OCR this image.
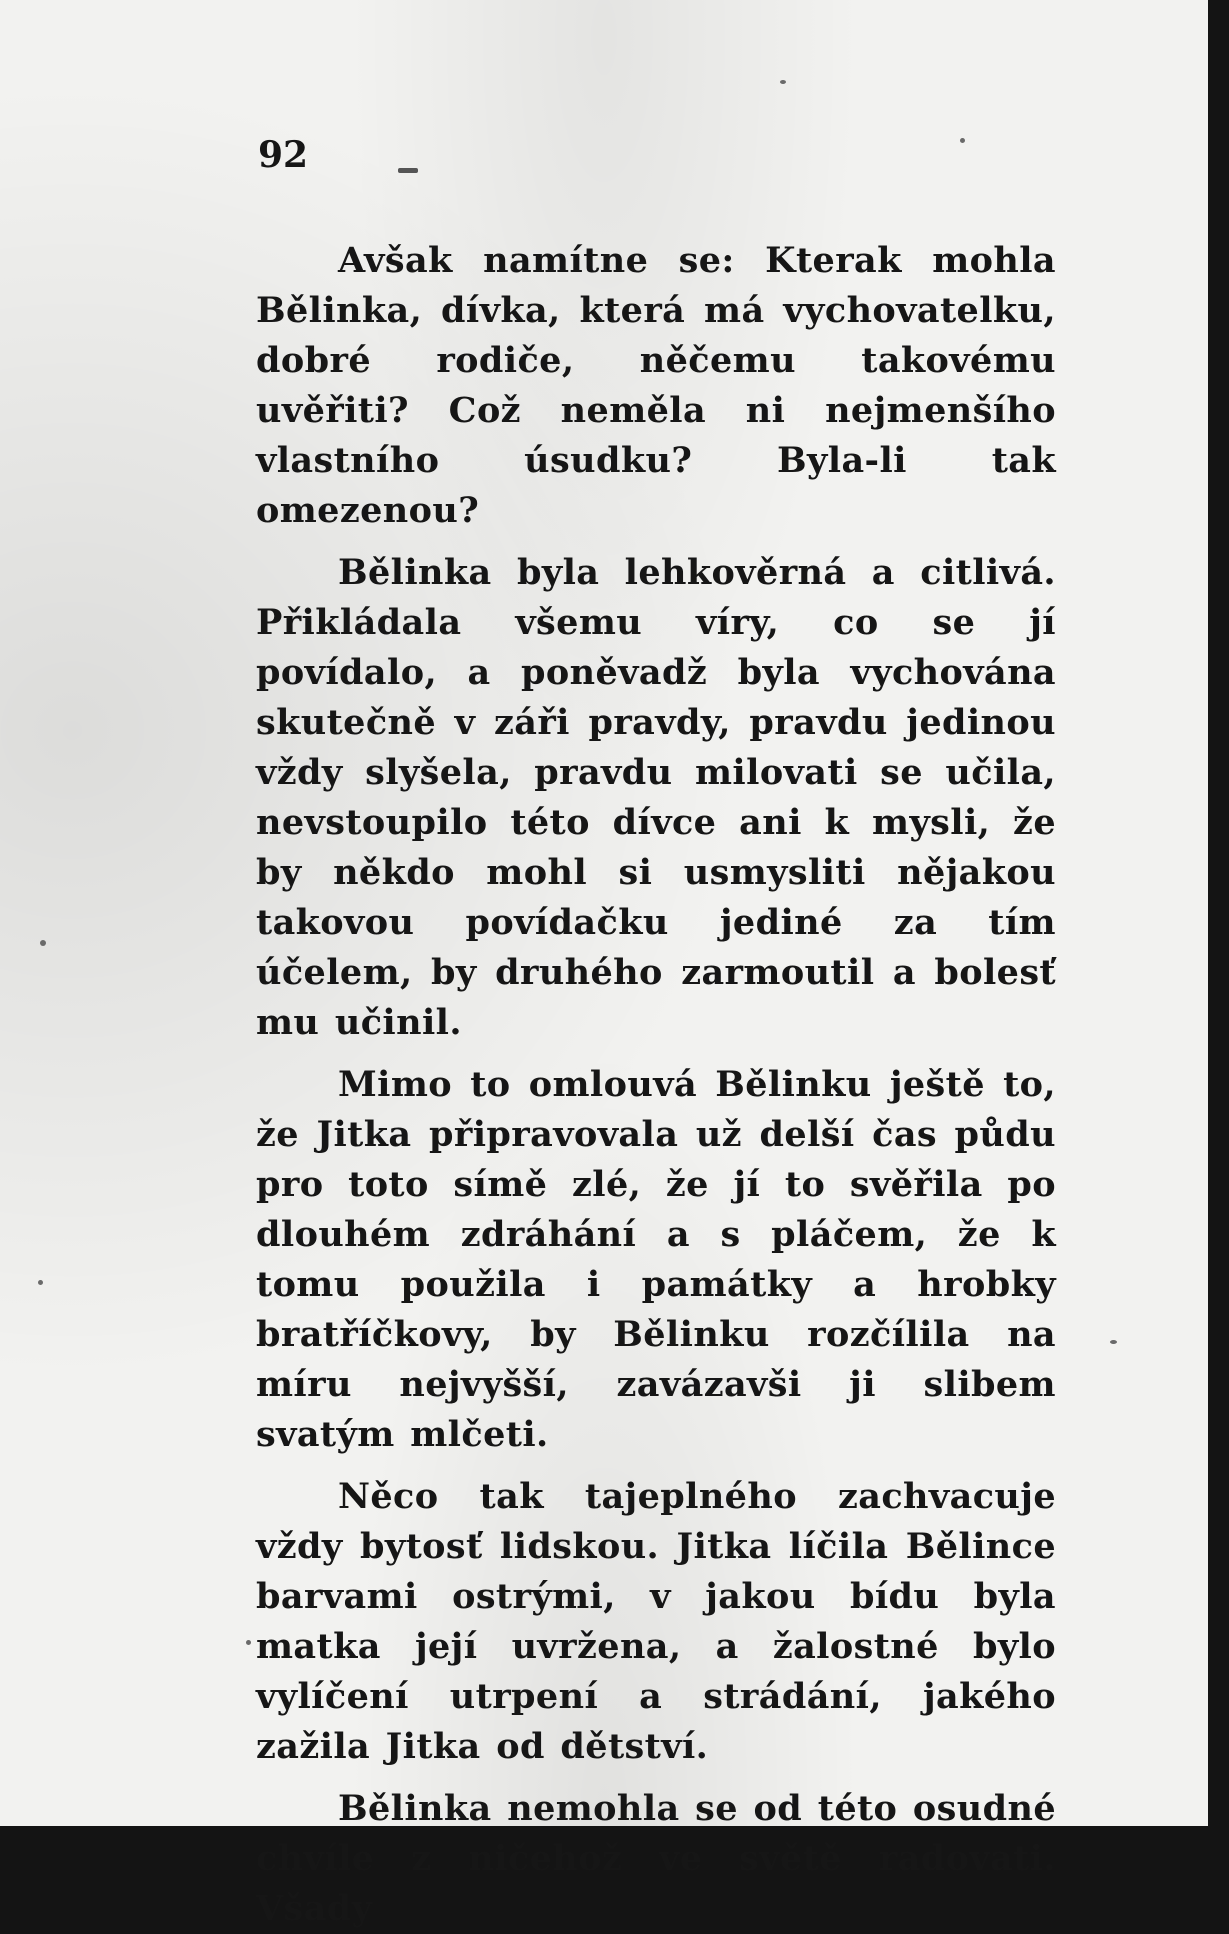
92

Avšak namítne se: Kterak mohla Bělinka, dívka, která má vychovatelku, dobré rodiče, něčemu takovému uvěřiti? Což neměla ni nejmenšího vlastního úsudku? Byla-li tak omezenou?

Bělinka byla lehkověrná a citlivá. Přikládala všemu víry, co se jí povídalo, a poněvadž byla vychována skutečně v záři pravdy, pravdu jedinou vždy slyšela, pravdu milovati se učila, nevstoupilo této dívce ani k mysli, že by někdo mohl si usmysliti nějakou takovou povídačku jediné za tím účelem, by druhého zarmoutil a bolesť mu učinil.

Mimo to omlouvá Bělinku ještě to, že Jitka připravovala už delší čas půdu pro toto símě zlé, že jí to svěřila po dlouhém zdráhání a s pláčem, že k tomu použila i památky a hrobky bratříčkovy, by Bělinku rozčílila na míru nejvyšší, zavázavši ji slibem svatým mlčeti.

Něco tak tajeplného zachvacuje vždy bytosť lidskou. Jitka líčila Bělince barvami ostrými, v jakou bídu byla matka její uvržena, a žalostné bylo vylíčení utrpení a strádání, jakého zažila Jitka od dětství.

Bělinka nemohla se od této osudné chvíle z ničehož ve světě radovati. Všady
